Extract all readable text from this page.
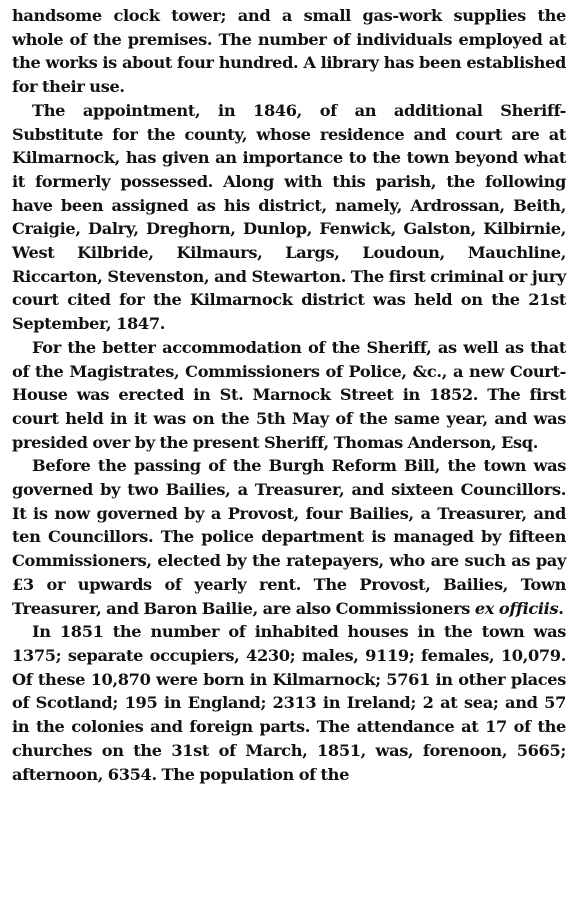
handsome clock tower; and a small gas-work supplies the whole of the premises. The number of individuals employed at the works is about four hundred. A library has been established for their use.

The appointment, in 1846, of an additional Sheriff-Substitute for the county, whose residence and court are at Kilmarnock, has given an importance to the town beyond what it formerly possessed. Along with this parish, the following have been assigned as his district, namely, Ardrossan, Beith, Craigie, Dalry, Dreghorn, Dunlop, Fenwick, Galston, Kilbirnie, West Kilbride, Kilmaurs, Largs, Loudoun, Mauchline, Riccarton, Stevenston, and Stewarton. The first criminal or jury court cited for the Kilmarnock district was held on the 21st September, 1847.

For the better accommodation of the Sheriff, as well as that of the Magistrates, Commissioners of Police, &c., a new Court-House was erected in St. Marnock Street in 1852. The first court held in it was on the 5th May of the same year, and was presided over by the present Sheriff, Thomas Anderson, Esq.

Before the passing of the Burgh Reform Bill, the town was governed by two Bailies, a Treasurer, and sixteen Councillors. It is now governed by a Provost, four Bailies, a Treasurer, and ten Councillors. The police department is managed by fifteen Commissioners, elected by the ratepayers, who are such as pay £3 or upwards of yearly rent. The Provost, Bailies, Town Treasurer, and Baron Bailie, are also Commissioners ex officiis.

In 1851 the number of inhabited houses in the town was 1375; separate occupiers, 4230; males, 9119; females, 10,079. Of these 10,870 were born in Kilmarnock; 5761 in other places of Scotland; 195 in England; 2313 in Ireland; 2 at sea; and 57 in the colonies and foreign parts. The attendance at 17 of the churches on the 31st of March, 1851, was, forenoon, 5665; afternoon, 6354. The population of the
